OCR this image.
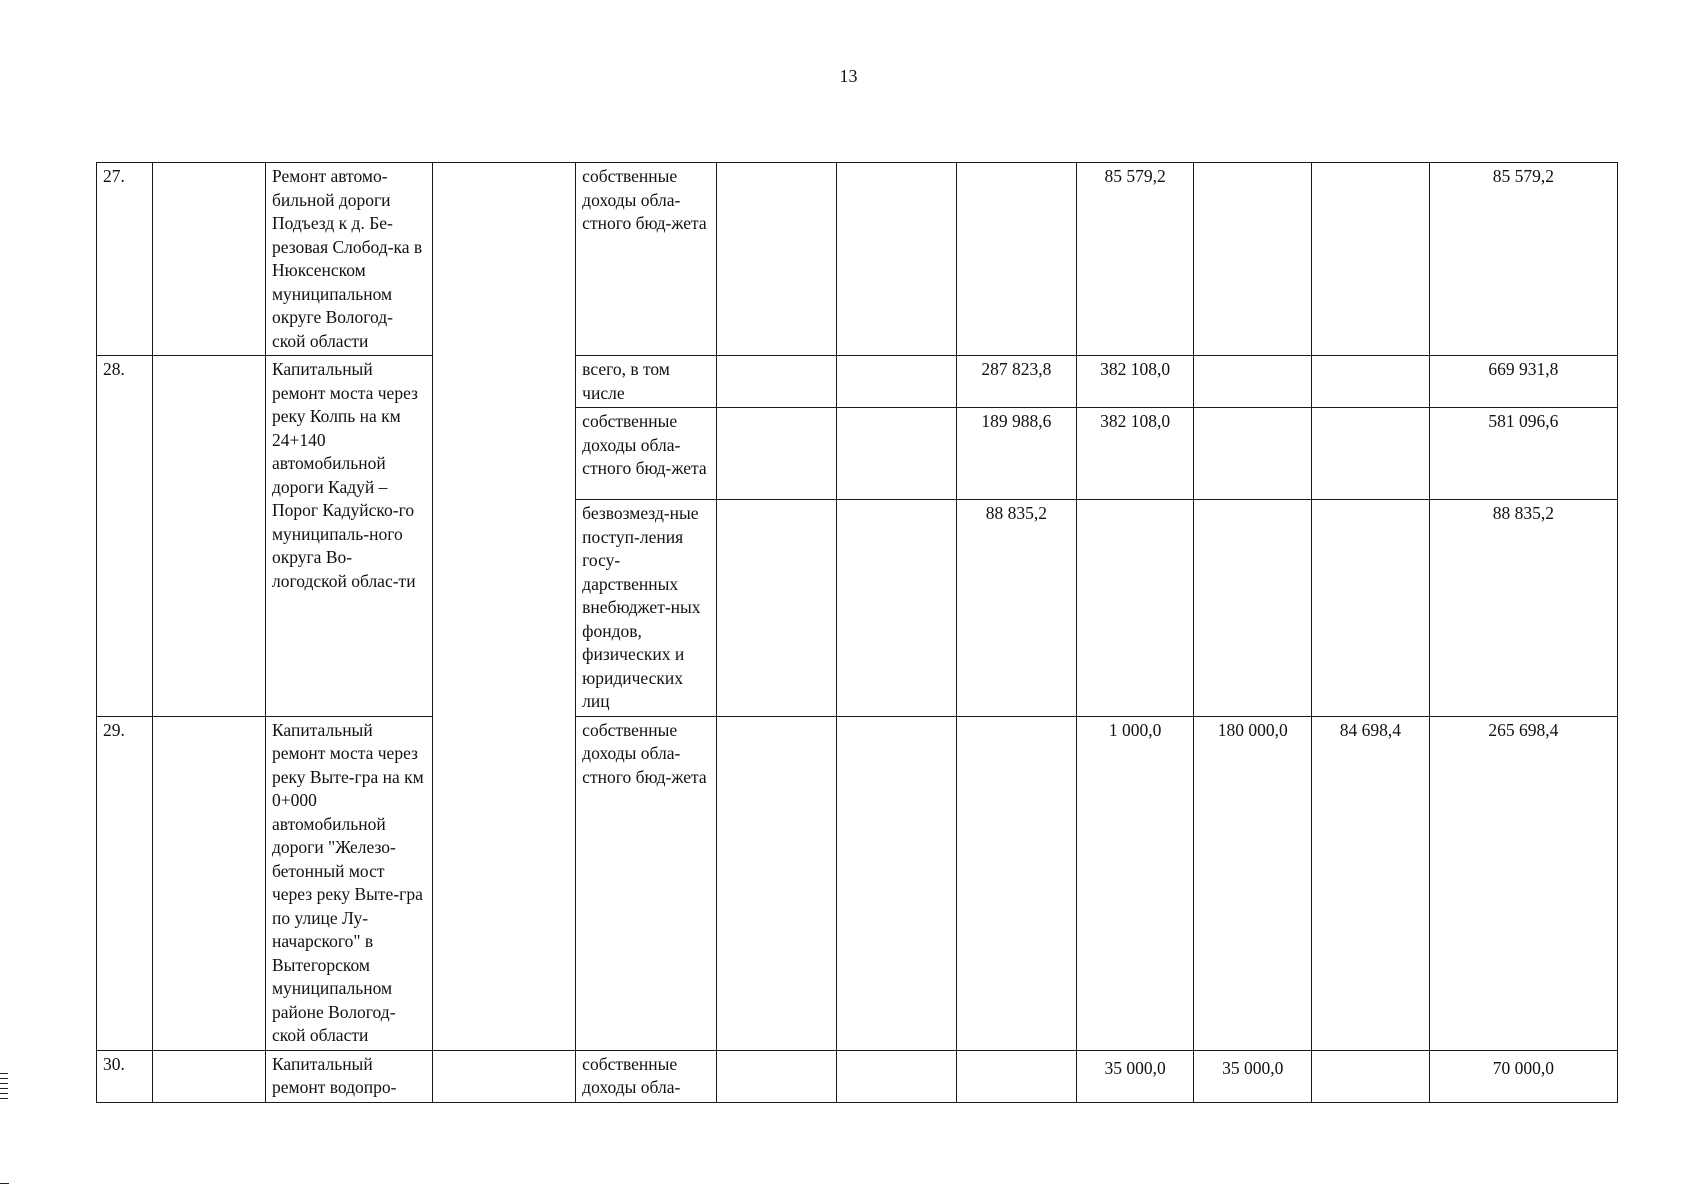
13
27.		Ремонт автомо-бильной дороги Подъезд к д. Бе-резовая Слобод-ка в Нюксенском муниципальном округе Вологод-ской области		собственные доходы обла-стного бюд-жета				85 579,2			85 579,2
28.		Капитальный ремонт моста через реку Колпь на км 24+140 автомобильной дороги Кадуй – Порог Кадуйско-го муниципаль-ного округа Во-логодской облас-ти		всего, в том числе			287 823,8	382 108,0			669 931,8
				собственные доходы обла-стного бюд-жета			189 988,6	382 108,0			581 096,6
				безвозмезд-ные поступ-ления госу-дарственных внебюджет-ных фондов, физических и юридических лиц			88 835,2				88 835,2
29.		Капитальный ремонт моста через реку Выте-гра на км 0+000 автомобильной дороги "Железо-бетонный мост через реку Выте-гра по улице Лу-начарского" в Вытегорском муниципальном районе Вологод-ской области		собственные доходы обла-стного бюд-жета				1 000,0	180 000,0	84 698,4	265 698,4
30.		Капитальный ремонт водопро-		собственные доходы обла-				35 000,0	35 000,0		70 000,0
